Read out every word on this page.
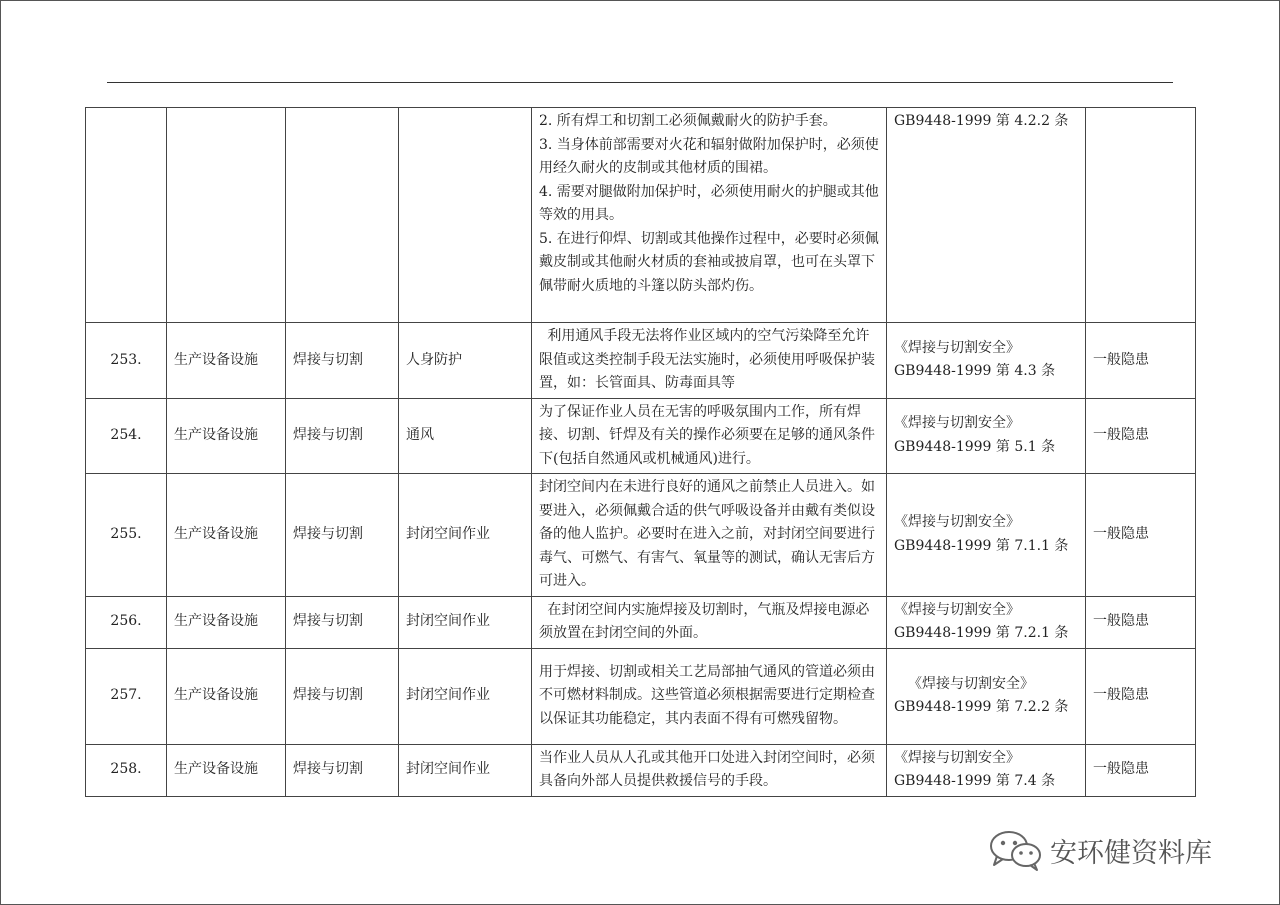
				2. 所有焊工和切割工必须佩戴耐火的防护手套。
3. 当身体前部需要对火花和辐射做附加保护时，必须使用经久耐火的皮制或其他材质的围裙。
4. 需要对腿做附加保护时，必须使用耐火的护腿或其他等效的用具。
5. 在进行仰焊、切割或其他操作过程中，必要时必须佩戴皮制或其他耐火材质的套袖或披肩罩，也可在头罩下佩带耐火质地的斗篷以防头部灼伤。	GB9448-1999 第 4.2.2 条	

253.	生产设备设施	焊接与切割	人身防护	利用通风手段无法将作业区域内的空气污染降至允许限值或这类控制手段无法实施时，必须使用呼吸保护装置，如：长管面具、防毒面具等	《焊接与切割安全》
GB9448-1999 第 4.3 条	一般隐患
254.	生产设备设施	焊接与切割	通风	为了保证作业人员在无害的呼吸氛围内工作，所有焊接、切割、钎焊及有关的操作必须要在足够的通风条件下(包括自然通风或机械通风)进行。	《焊接与切割安全》
GB9448-1999 第 5.1 条	一般隐患
255.	生产设备设施	焊接与切割	封闭空间作业	封闭空间内在未进行良好的通风之前禁止人员进入。如要进入，必须佩戴合适的供气呼吸设备并由戴有类似设备的他人监护。必要时在进入之前，对封闭空间要进行毒气、可燃气、有害气、氧量等的测试，确认无害后方可进入。	《焊接与切割安全》
GB9448-1999 第 7.1.1 条	一般隐患
256.	生产设备设施	焊接与切割	封闭空间作业	在封闭空间内实施焊接及切割时，气瓶及焊接电源必须放置在封闭空间的外面。	《焊接与切割安全》
GB9448-1999 第 7.2.1 条	一般隐患
257.	生产设备设施	焊接与切割	封闭空间作业	用于焊接、切割或相关工艺局部抽气通风的管道必须由不可燃材料制成。这些管道必须根据需要进行定期检查以保证其功能稳定，其内表面不得有可燃残留物。	《焊接与切割安全》
GB9448-1999 第 7.2.2 条	一般隐患
258.	生产设备设施	焊接与切割	封闭空间作业	当作业人员从人孔或其他开口处进入封闭空间时，必须具备向外部人员提供救援信号的手段。	《焊接与切割安全》
GB9448-1999 第 7.4 条	一般隐患
安环健资料库
